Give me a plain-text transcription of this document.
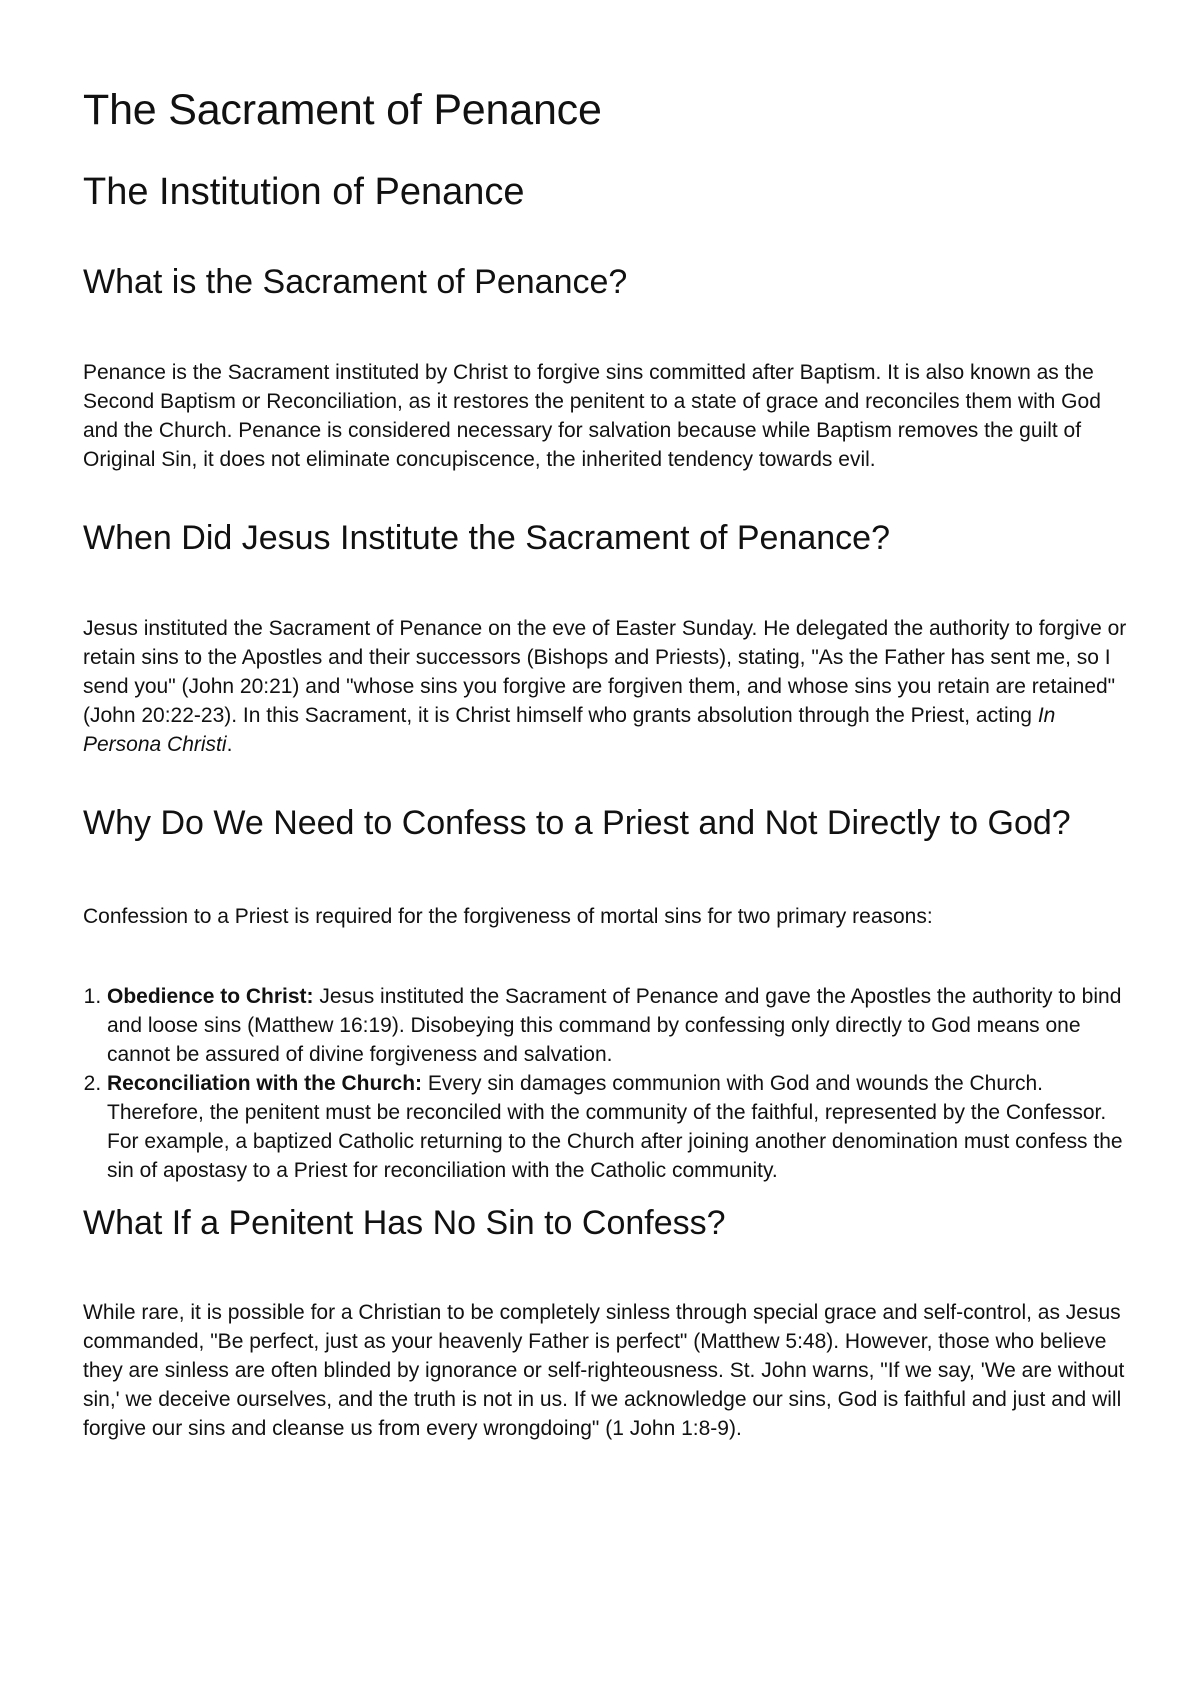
The Sacrament of Penance
The Institution of Penance
What is the Sacrament of Penance?

Penance is the Sacrament instituted by Christ to forgive sins committed after Baptism. It is also known as the Second Baptism or Reconciliation, as it restores the penitent to a state of grace and reconciles them with God and the Church. Penance is considered necessary for salvation because while Baptism removes the guilt of Original Sin, it does not eliminate concupiscence, the inherited tendency towards evil.

When Did Jesus Institute the Sacrament of Penance?

Jesus instituted the Sacrament of Penance on the eve of Easter Sunday. He delegated the authority to forgive or retain sins to the Apostles and their successors (Bishops and Priests), stating, "As the Father has sent me, so I send you" (John 20:21) and "whose sins you forgive are forgiven them, and whose sins you retain are retained" (John 20:22-23). In this Sacrament, it is Christ himself who grants absolution through the Priest, acting In Persona Christi.

Why Do We Need to Confess to a Priest and Not Directly to God?

Confession to a Priest is required for the forgiveness of mortal sins for two primary reasons:

1. Obedience to Christ: Jesus instituted the Sacrament of Penance and gave the Apostles the authority to bind and loose sins (Matthew 16:19). Disobeying this command by confessing only directly to God means one cannot be assured of divine forgiveness and salvation.
2. Reconciliation with the Church: Every sin damages communion with God and wounds the Church. Therefore, the penitent must be reconciled with the community of the faithful, represented by the Confessor. For example, a baptized Catholic returning to the Church after joining another denomination must confess the sin of apostasy to a Priest for reconciliation with the Catholic community.
What If a Penitent Has No Sin to Confess?

While rare, it is possible for a Christian to be completely sinless through special grace and self-control, as Jesus commanded, "Be perfect, just as your heavenly Father is perfect" (Matthew 5:48). However, those who believe they are sinless are often blinded by ignorance or self-righteousness. St. John warns, "If we say, 'We are without sin,' we deceive ourselves, and the truth is not in us. If we acknowledge our sins, God is faithful and just and will forgive our sins and cleanse us from every wrongdoing" (1 John 1:8-9).
